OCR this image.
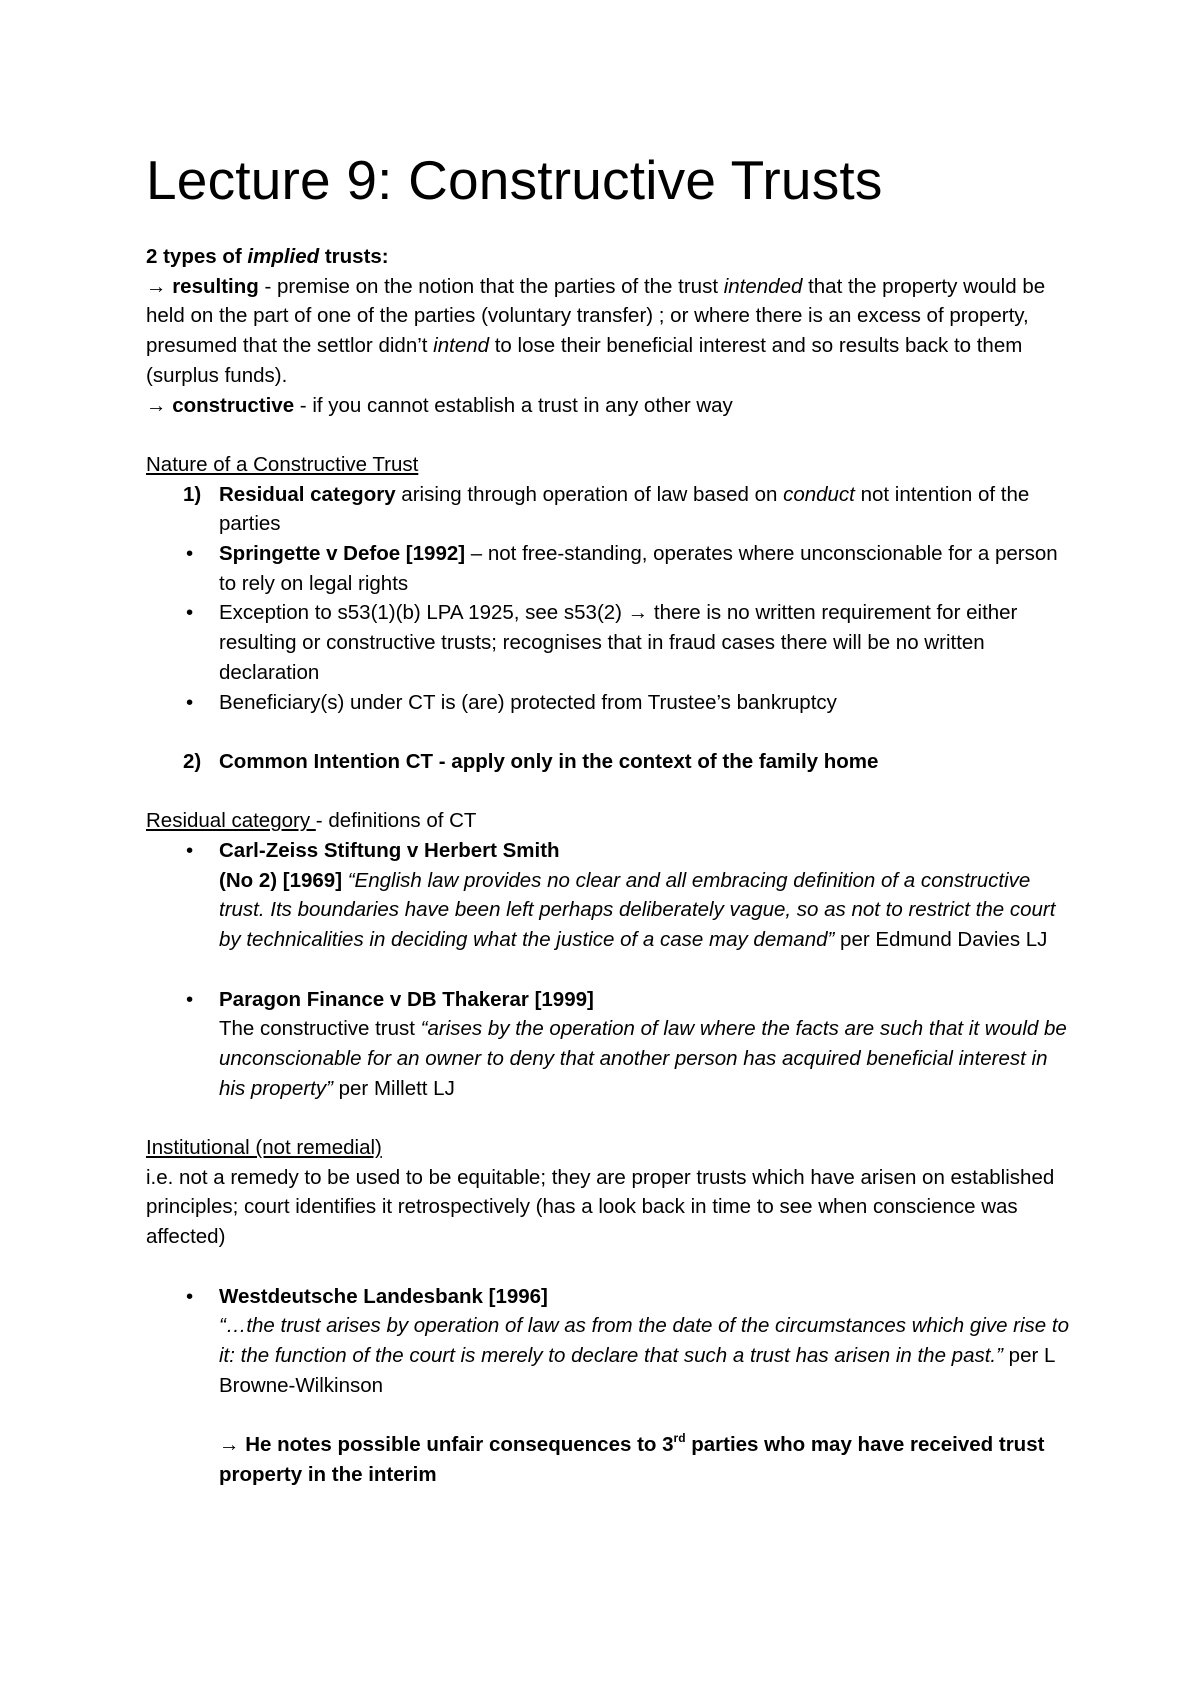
Lecture 9: Constructive Trusts

2 types of implied trusts:

→ resulting - premise on the notion that the parties of the trust intended that the property would be held on the part of one of the parties (voluntary transfer) ; or where there is an excess of property, presumed that the settlor didn’t intend to lose their beneficial interest and so results back to them (surplus funds).

→ constructive - if you cannot establish a trust in any other way

Nature of a Constructive Trust

1) Residual category arising through operation of law based on conduct not intention of the parties
• Springette v Defoe [1992] – not free-standing, operates where unconscionable for a person to rely on legal rights
• Exception to s53(1)(b) LPA 1925, see s53(2) → there is no written requirement for either resulting or constructive trusts; recognises that in fraud cases there will be no written declaration
• Beneficiary(s) under CT is (are) protected from Trustee’s bankruptcy
2) Common Intention CT - apply only in the context of the family home

Residual category - definitions of CT

• Carl-Zeiss Stiftung v Herbert Smith
(No 2) [1969] “English law provides no clear and all embracing definition of a constructive trust. Its boundaries have been left perhaps deliberately vague, so as not to restrict the court by technicalities in deciding what the justice of a case may demand” per Edmund Davies LJ
• Paragon Finance v DB Thakerar [1999]
The constructive trust “arises by the operation of law where the facts are such that it would be unconscionable for an owner to deny that another person has acquired beneficial interest in his property” per Millett LJ

Institutional (not remedial)

i.e. not a remedy to be used to be equitable; they are proper trusts which have arisen on established principles; court identifies it retrospectively (has a look back in time to see when conscience was affected)

• Westdeutsche Landesbank [1996]
“…the trust arises by operation of law as from the date of the circumstances which give rise to it: the function of the court is merely to declare that such a trust has arisen in the past.” per L Browne-Wilkinson
→ He notes possible unfair consequences to 3rd parties who may have received trust property in the interim
